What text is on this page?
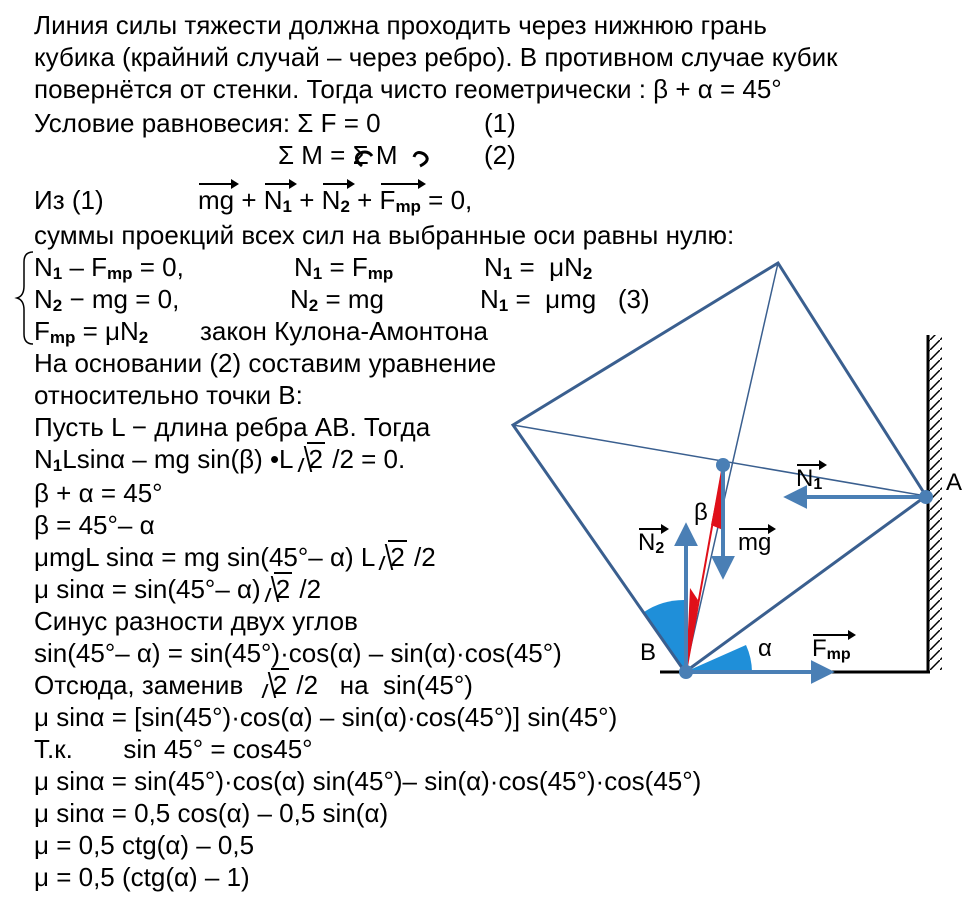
A
B	α
β
mg
N1
N2
Fmp
Линия силы тяжести должна проходить через нижнюю грань
кубика (крайний случай – через ребро). В противном случае кубик
повернётся от стенки. Тогда чисто геометрически : β + α = 45°
Условие равновесия: Σ F = 0	(1)
Σ M = Σ M	(2)
Из (1)	mg + N1 + N2 + Fmp = 0,
суммы проекций всех сил на выбранные оси равны нулю:
N1 – Fmp = 0,	N1 = Fmp	N1 =  μN2
N2 − mg = 0,	N2 = mg	N1 =  μmg   (3)
Fmp = μN2 закон Кулона-Амонтона
На основании (2) составим уравнение
относительно точки В:
Пусть L − длина ребра АВ. Тогда
N1Lsinα – mg sin(β) •L 2 /2 = 0.
β + α = 45°
β = 45°– α
μmgL sinα = mg sin(45°– α) L 2 /2
μ sinα = sin(45°– α) 2 /2
Синус разности двух углов
sin(45°– α) = sin(45°)·cos(α) – sin(α)·cos(45°)
Отсюда, заменив  2 /2   на  sin(45°)
μ sinα = [sin(45°)·cos(α) – sin(α)·cos(45°)] sin(45°)
Т.к.       sin 45° = cos45°
μ sinα = sin(45°)·cos(α) sin(45°)– sin(α)·cos(45°)·cos(45°)
μ sinα = 0,5 cos(α) – 0,5 sin(α)
μ = 0,5 ctg(α) – 0,5
μ = 0,5 (ctg(α) – 1)
